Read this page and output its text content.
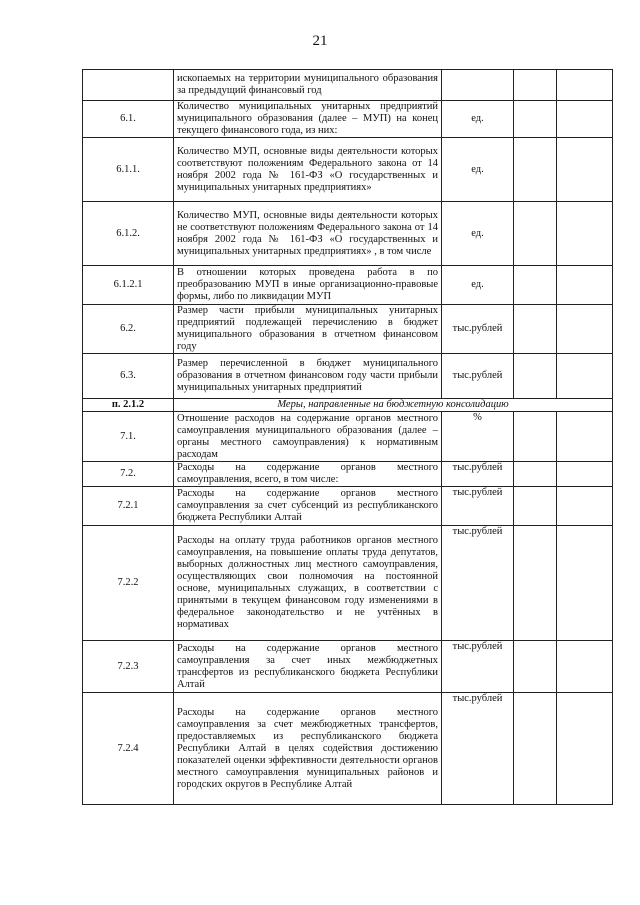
21
	ископаемых на территории муниципального образования за предыдущий финансовый год			
6.1.	Количество муниципальных унитарных предприятий муниципального образования (далее – МУП) на конец текущего финансового года, из них:	ед.		
6.1.1.	Количество МУП, основные виды деятельности которых соответствуют положениям Федерального закона от 14 ноября 2002 года № 161-ФЗ «О государственных и муниципальных унитарных предприятиях»	ед.		
6.1.2.	Количество МУП, основные виды деятельности которых не соответствуют положениям Федерального закона от 14 ноября 2002 года № 161-ФЗ «О государственных и муниципальных унитарных предприятиях» , в том числе	ед.		
6.1.2.1	В отношении которых проведена работа в по преобразованию МУП в иные организационно-правовые формы, либо по ликвидации МУП	ед.		
6.2.	Размер части прибыли муниципальных унитарных предприятий подлежащей перечислению в бюджет муниципального образования в отчетном финансовом году	тыс.рублей		
6.3.	Размер перечисленной в бюджет муниципального образования в отчетном финансовом году части прибыли муниципальных унитарных предприятий	тыс.рублей		
п. 2.1.2	Меры, направленные на бюджетную консолидацию			
7.1.	Отношение расходов на содержание органов местного самоуправления муниципального образования (далее – органы местного самоуправления) к нормативным расходам	%		
7.2.	Расходы на содержание органов местного самоуправления, всего, в том числе:	тыс.рублей		
7.2.1	Расходы на содержание органов местного самоуправления за счет субсенций из республиканского бюджета Республики Алтай	тыс.рублей		
7.2.2	Расходы на оплату труда работников органов местного самоуправления, на повышение оплаты труда депутатов, выборных должностных лиц местного самоуправления, осуществляющих свои полномочия на постоянной основе, муниципальных служащих, в соответствии с принятыми в текущем финансовом году изменениями в федеральное законодательство и не учтённых в нормативах	тыс.рублей		
7.2.3	Расходы на содержание органов местного самоуправления за счет иных межбюджетных трансфертов из республиканского бюджета Республики Алтай	тыс.рублей		
7.2.4	Расходы на содержание органов местного самоуправления за счет межбюджетных трансфертов, предоставляемых из республиканского бюджета Республики Алтай в целях содействия достижению показателей оценки эффективности деятельности органов местного самоуправления муниципальных районов и городских округов в Республике Алтай	тыс.рублей		
